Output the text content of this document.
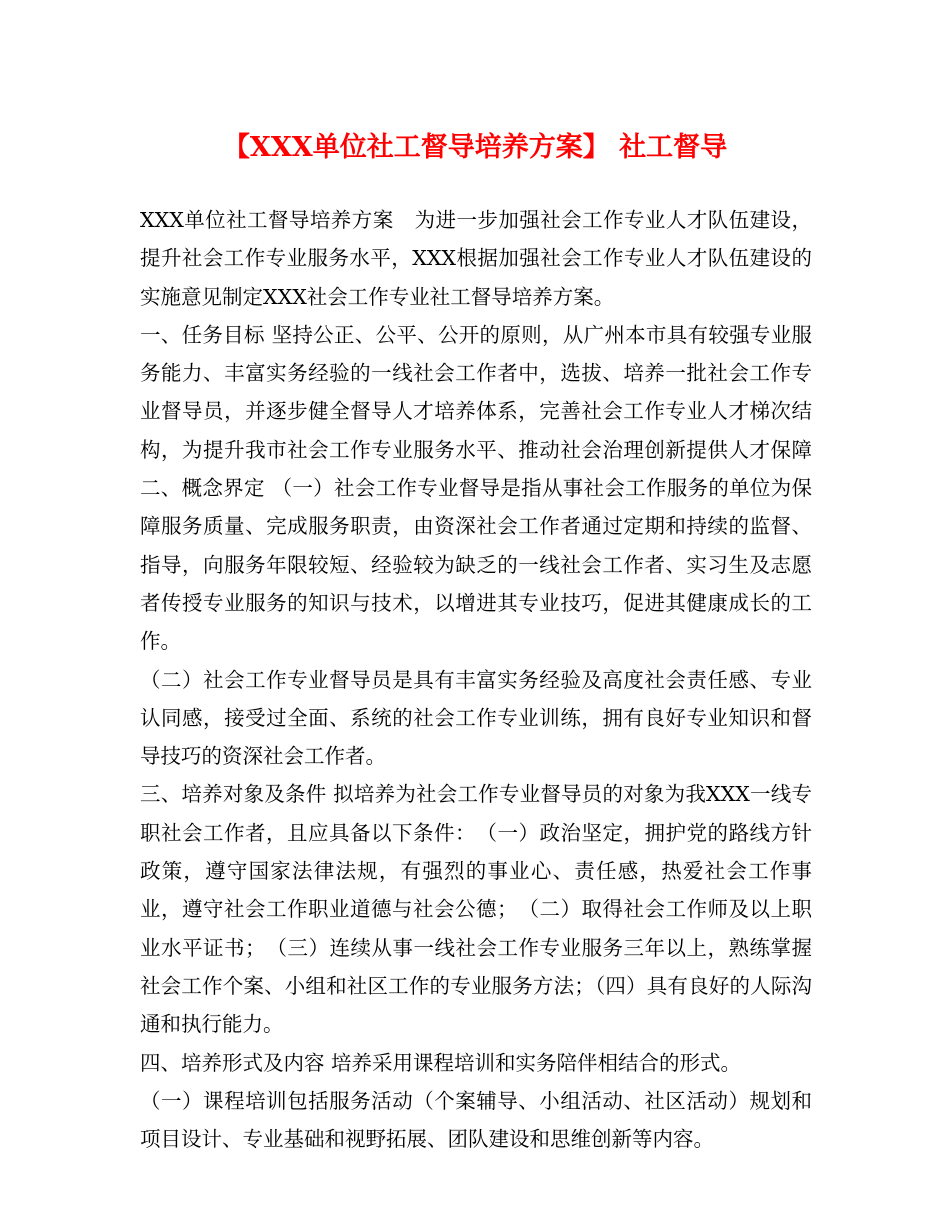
【XXX单位社工督导培养方案】 社工督导

XXX单位社工督导培养方案　为进一步加强社会工作专业人才队伍建设，提升社会工作专业服务水平，XXX根据加强社会工作专业人才队伍建设的实施意见制定XXX社会工作专业社工督导培养方案。

一、任务目标 坚持公正、公平、公开的原则，从广州本市具有较强专业服务能力、丰富实务经验的一线社会工作者中，选拔、培养一批社会工作专业督导员，并逐步健全督导人才培养体系，完善社会工作专业人才梯次结构，为提升我市社会工作专业服务水平、推动社会治理创新提供人才保障 二、概念界定 （一）社会工作专业督导是指从事社会工作服务的单位为保障服务质量、完成服务职责，由资深社会工作者通过定期和持续的监督、指导，向服务年限较短、经验较为缺乏的一线社会工作者、实习生及志愿者传授专业服务的知识与技术，以增进其专业技巧，促进其健康成长的工作。

（二）社会工作专业督导员是具有丰富实务经验及高度社会责任感、专业认同感，接受过全面、系统的社会工作专业训练，拥有良好专业知识和督导技巧的资深社会工作者。

三、培养对象及条件 拟培养为社会工作专业督导员的对象为我XXX一线专职社会工作者，且应具备以下条件：　（一）政治坚定，拥护党的路线方针政策，遵守国家法律法规，有强烈的事业心、责任感，热爱社会工作事业，遵守社会工作职业道德与社会公德；　（二）取得社会工作师及以上职业水平证书；　（三）连续从事一线社会工作专业服务三年以上，熟练掌握社会工作个案、小组和社区工作的专业服务方法；（四）具有良好的人际沟通和执行能力。

四、培养形式及内容 培养采用课程培训和实务陪伴相结合的形式。

（一）课程培训包括服务活动（个案辅导、小组活动、社区活动）规划和项目设计、专业基础和视野拓展、团队建设和思维创新等内容。
